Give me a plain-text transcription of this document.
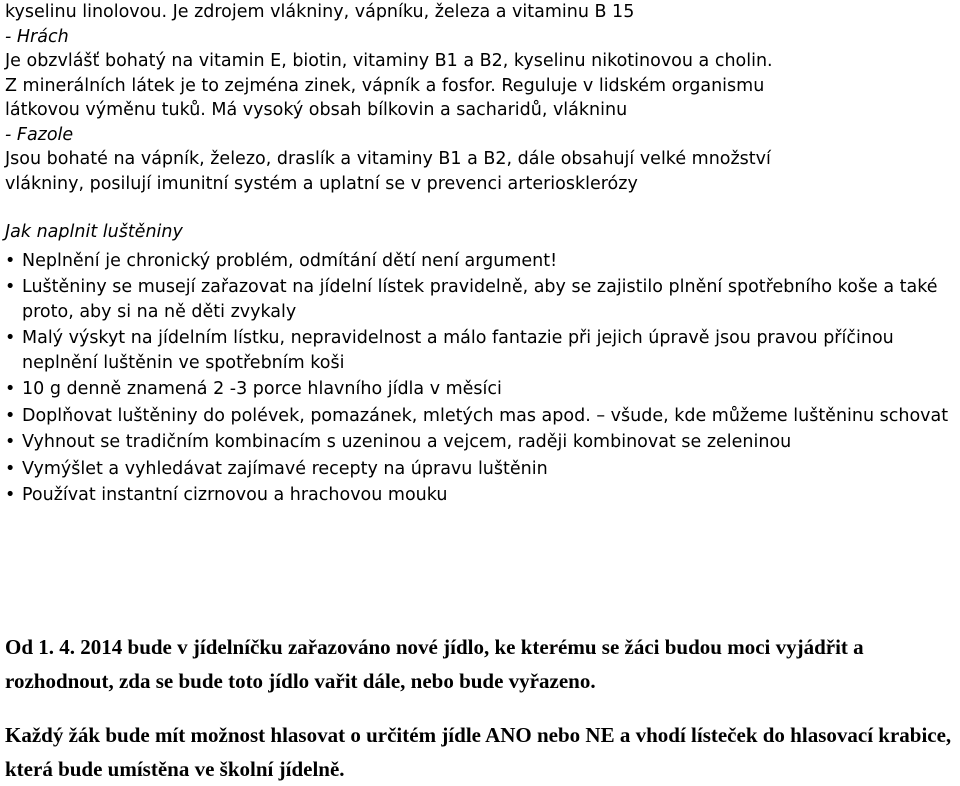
kyselinu linolovou. Je zdrojem vlákniny, vápníku, železa a vitaminu B 15
- Hrách
Je obzvlášť bohatý na vitamin E, biotin, vitaminy B1 a B2, kyselinu nikotinovou a cholin.
Z minerálních látek je to zejména zinek, vápník a fosfor. Reguluje v lidském organismu
látkovou výměnu tuků. Má vysoký obsah bílkovin a sacharidů, vlákninu
- Fazole
Jsou bohaté na vápník, železo, draslík a vitaminy B1 a B2, dále obsahují velké množství
vlákniny, posilují imunitní systém a uplatní se v prevenci arteriosklerózy
Jak naplnit luštěniny
• Neplnění je chronický problém, odmítání dětí není argument!
• Luštěniny se musejí zařazovat na jídelní lístek pravidelně, aby se zajistilo plnění spotřebního koše a také proto, aby si na ně děti zvykaly
• Malý výskyt na jídelním lístku, nepravidelnost a málo fantazie při jejich úpravě jsou pravou příčinou neplnění luštěnin ve spotřebním koši
• 10 g denně znamená 2 -3 porce hlavního jídla v měsíci
• Doplňovat luštěniny do polévek, pomazánek, mletých mas apod. – všude, kde můžeme luštěninu schovat
• Vyhnout se tradičním kombinacím s uzeninou a vejcem, raději kombinovat se zeleninou
• Vymýšlet a vyhledávat zajímavé recepty na úpravu luštěnin
• Používat instantní cizrnovou a hrachovou mouku
Od 1. 4. 2014 bude v jídelníčku zařazováno nové jídlo, ke kterému se žáci budou moci vyjádřit a rozhodnout, zda se bude toto jídlo vařit dále, nebo bude vyřazeno.
Každý žák bude mít možnost hlasovat o určitém jídle ANO nebo NE a vhodí lísteček do hlasovací krabice, která bude umístěna ve školní jídelně.
